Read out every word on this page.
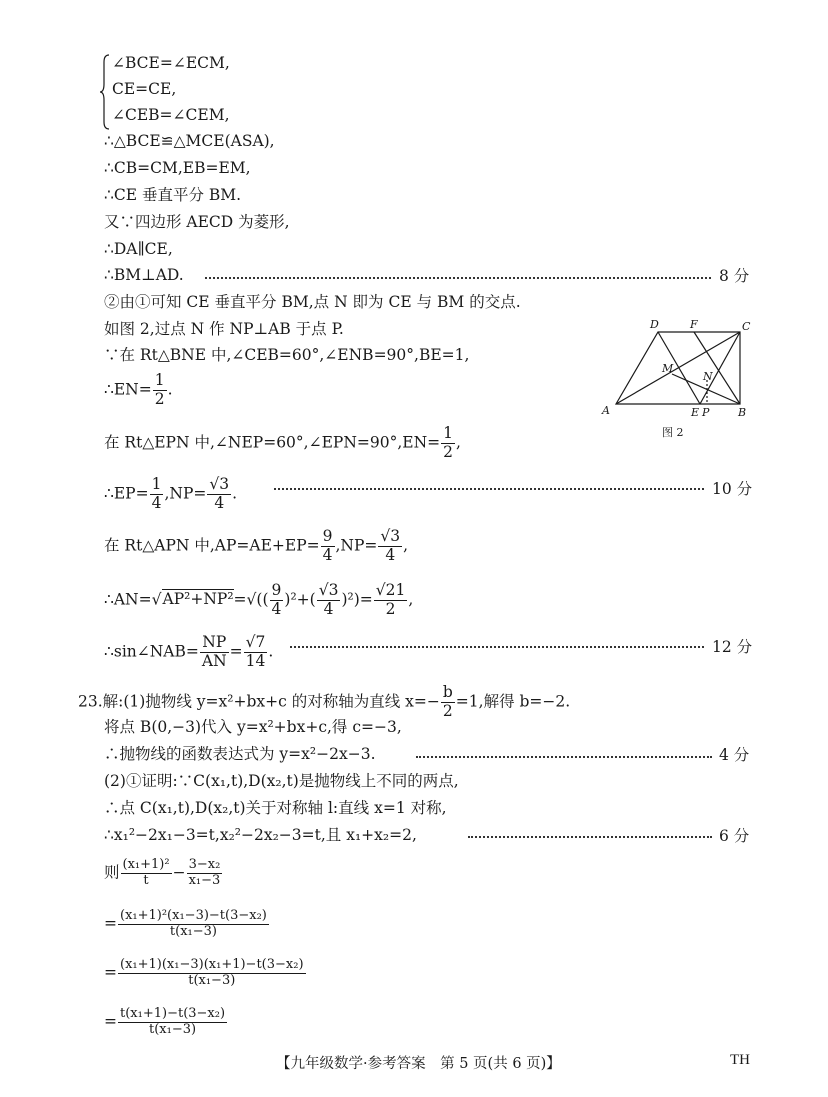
∠BCE=∠ECM,
CE=CE,
∠CEB=∠CEM,
∴△BCE≌△MCE(ASA),
∴CB=CM,EB=EM,
∴CE 垂直平分 BM.
又∵四边形 AECD 为菱形,
∴DA∥CE,
∴BM⊥AD.	8 分
②由①可知 CE 垂直平分 BM,点 N 即为 CE 与 BM 的交点.
如图 2,过点 N 作 NP⊥AB 于点 P.
∵在 Rt△BNE 中,∠CEB=60°,∠ENB=90°,BE=1,
∴EN= $\frac{1}{2}$ .
在 Rt△EPN 中,∠NEP=60°,∠EPN=90°,EN= $\frac{1}{2}$ ,
∴EP= $\frac{1}{4} ,NP= \frac{√3}{4}$ .	10 分
在 Rt△APN 中$,AP=AE+EP= \frac{9}{4} ,NP= \frac{√3}{4}$ ,
∴AN=√AP²+NP²=√(( $\frac{9}{4} )^2+( \frac{√3}{4} )^2)= \frac{√21}{2}$ ,
∴sin∠NAB= $\frac{NP}{AN} = \frac{√7}{14}$ .	12 分
23.解:(1)抛物线 y=x²+bx+c 的对称轴为直线 $x=- \frac{b}{2} =1$,解得 b=−2.
将点 B(0,−3)代入 y=x²+bx+c,得 c=−3,
∴抛物线的函数表达式为 y=x²−2x−3.	4 分
(2)①证明:∵C(x₁,t),D(x₂,t)是抛物线上不同的两点,
∴点 C(x₁,t),D(x₂,t)关于对称轴 l:直线 x=1 对称,
∴x₁²−2x₁−3=t,x₂²−2x₂−3=t,且 x₁+x₂=2,	6 分
则 $\frac{\text{(x₁+1)²}}{t} - \frac{\text{3−x₂}}{\text{x₁−3}}$
= $\frac{\text{(x₁+1)²(x₁−3)−t(3−x₂)}}{\text{t(x₁−3)}}$
= $\frac{\text{(x₁+1)(x₁−3)(x₁+1)−t(3−x₂)}}{\text{t(x₁−3)}}$
= $\frac{\text{t(x₁+1)−t(3−x₂)}}{\text{t(x₁−3)}}$
D	F	C
M
N
A	E P	B
图 2
【九年级数学·参考答案　第 5 页(共 6 页)】	TH
